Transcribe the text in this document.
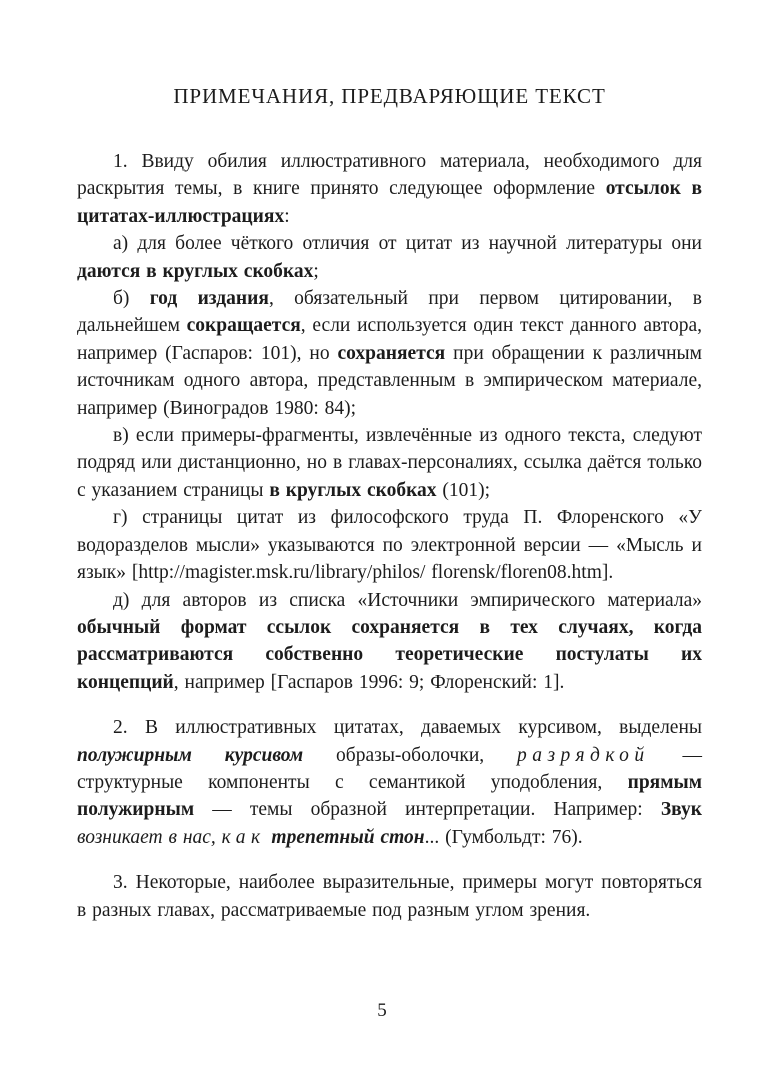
ПРИМЕЧАНИЯ, ПРЕДВАРЯЮЩИЕ ТЕКСТ

1. Ввиду обилия иллюстративного материала, необходимого для раскрытия темы, в книге принято следующее оформление отсылок в цитатах-иллюстрациях:

а) для более чёткого отличия от цитат из научной литературы они даются в круглых скобках;

б) год издания, обязательный при первом цитировании, в дальнейшем сокращается, если используется один текст данного автора, например (Гаспаров: 101), но сохраняется при обращении к различным источникам одного автора, представленным в эмпирическом материале, например (Виноградов 1980: 84);

в) если примеры-фрагменты, извлечённые из одного текста, следуют подряд или дистанционно, но в главах-персоналиях, ссылка даётся только с указанием страницы в круглых скобках (101);

г) страницы цитат из философского труда П. Флоренского «У водоразделов мысли» указываются по электронной версии — «Мысль и язык» [http://magister.msk.ru/library/philos/ florensk/floren08.htm].

д) для авторов из списка «Источники эмпирического материала» обычный формат ссылок сохраняется в тех случаях, когда рассматриваются собственно теоретические постулаты их концепций, например [Гаспаров 1996: 9; Флоренский: 1].

2. В иллюстративных цитатах, даваемых курсивом, выделены полужирным курсивом образы-оболочки, разрядкой — структурные компоненты с семантикой уподобления, прямым полужирным — темы образной интерпретации. Например: Звук возникает в нас, как трепетный стон... (Гумбольдт: 76).

3. Некоторые, наиболее выразительные, примеры могут повторяться в разных главах, рассматриваемые под разным углом зрения.

5
